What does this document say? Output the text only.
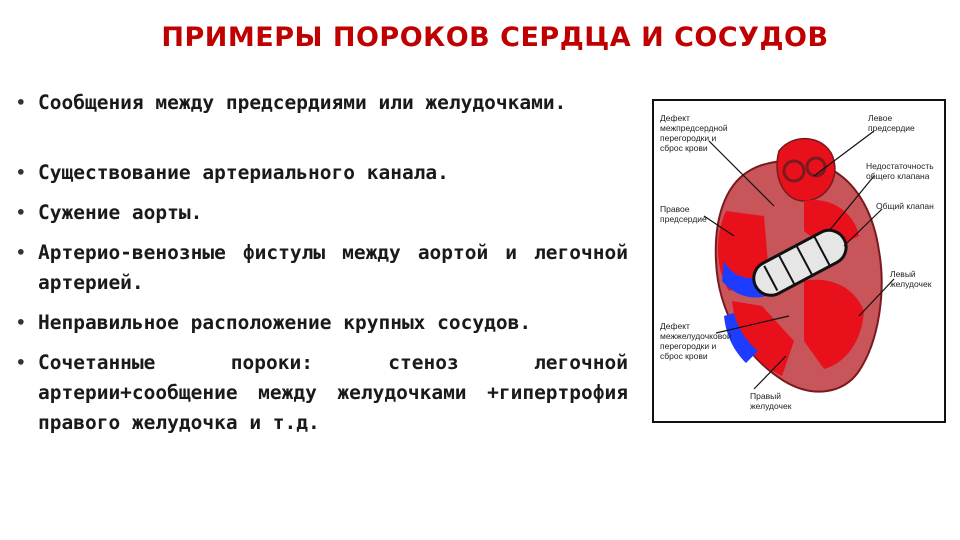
ПРИМЕРЫ ПОРОКОВ СЕРДЦА И СОСУДОВ
• Сообщения между предсердиями или желудочками.
• Существование артериального канала.
• Сужение аорты.
• Артерио-венозные фистулы между аортой и легочной артерией.
• Неправильное расположение крупных сосудов.
• Сочетанные пороки: стеноз легочной артерии+сообщение между желудочками +гипертрофия правого желудочка и т.д.
Дефект межпредсердной перегородки и сброс крови
Левое предсердие
Недостаточность общего клапана
Общий клапан
Правое предсердие
Левый желудочек
Дефект межжелудочковой перегородки и сброс крови
Правый желудочек
